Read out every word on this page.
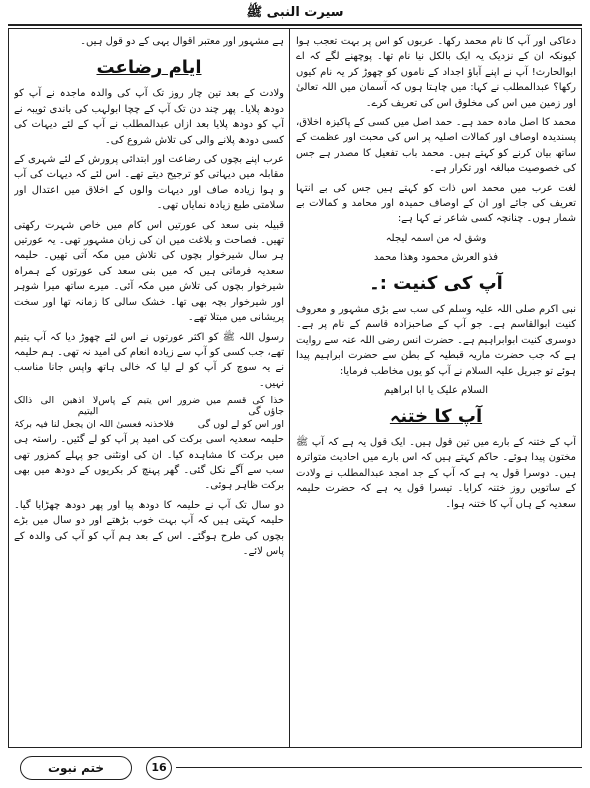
سیرت النبی ﷺ

دعاکی اور آپ کا نام محمد رکھا۔ عربوں کو اس پر بہت تعجب ہوا کیونکہ ان کے نزدیک یہ ایک بالکل نیا نام تھا۔ پوچھنے لگے کہ اے ابوالحارث! آپ نے اپنے آباؤ اجداد کے ناموں کو چھوڑ کر یہ نام کیوں رکھا؟ عبدالمطلب نے کہا: میں چاہتا ہوں کہ آسمان میں اللہ تعالیٰ اور زمین میں اس کی مخلوق اس کی تعریف کرے۔

محمد کا اصل مادہ حمد ہے۔ حمد اصل میں کسی کے پاکیزہ اخلاق، پسندیدہ اوصاف اور کمالات اصلیہ پر اس کی محبت اور عظمت کے ساتھ بیان کرنے کو کہتے ہیں۔ محمد باب تفعیل کا مصدر ہے جس کی خصوصیت مبالغہ اور تکرار ہے۔

لغت عرب میں محمد اس ذات کو کہتے ہیں جس کی بے انتہا تعریف کی جائے اور ان کے اوصاف حمیدہ اور محامد و کمالات بے شمار ہوں۔ چنانچہ کسی شاعر نے کہا ہے:

وشق لہ من اسمہ لیجلہ
فذو العرش محمود وھذا محمد
آپ کی کنیت :۔

نبی اکرم صلی اللہ علیہ وسلم کی سب سے بڑی مشہور و معروف کنیت ابوالقاسم ہے۔ جو آپ کے صاحبزادہ قاسم کے نام پر ہے۔ دوسری کنیت ابوابراہیم ہے۔ حضرت انس رضی اللہ عنہ سے روایت ہے کہ جب حضرت ماریہ قبطیہ کے بطن سے حضرت ابراہیم پیدا ہوئے تو جبریل علیہ السلام نے آپ کو یوں مخاطب فرمایا:

السلام علیک یا ابا ابراھیم
آپ کا ختنہ

آپ کے ختنہ کے بارے میں تین قول ہیں۔ ایک قول یہ ہے کہ آپ ﷺ مختون پیدا ہوئے۔ حاکم کہتے ہیں کہ اس بارے میں احادیث متواترہ ہیں۔ دوسرا قول یہ ہے کہ آپ کے جد امجد عبدالمطلب نے ولادت کے ساتویں روز ختنہ کرایا۔ تیسرا قول یہ ہے کہ حضرت حلیمہ سعدیہ کے ہاں آپ کا ختنہ ہوا۔

ہے مشہور اور معتبر اقوال یہی کے دو قول ہیں۔

ایام رضاعت

ولادت کے بعد تین چار روز تک آپ کی والدہ ماجدہ نے آپ کو دودھ پلایا۔ پھر چند دن تک آپ کے چچا ابولہب کی باندی ثویبہ نے آپ کو دودھ پلایا بعد ازاں عبدالمطلب نے آپ کے لئے دیہات کی کسی دودھ پلانے والی کی تلاش شروع کی۔

عرب اپنے بچوں کی رضاعت اور ابتدائی پرورش کے لئے شہری کے مقابلہ میں دیہاتی کو ترجیح دیتے تھے۔ اس لئے کہ دیہات کی آب و ہوا زیادہ صاف اور دیہات والوں کے اخلاق میں اعتدال اور سلامتی طبع زیادہ نمایاں تھی۔

قبیلہ بنی سعد کی عورتیں اس کام میں خاص شہرت رکھتی تھیں۔ فصاحت و بلاغت میں ان کی زبان مشہور تھی۔ یہ عورتیں ہر سال شیرخوار بچوں کی تلاش میں مکہ آتی تھیں۔ حلیمہ سعدیہ فرماتی ہیں کہ میں بنی سعد کی عورتوں کے ہمراہ شیرخوار بچوں کی تلاش میں مکہ آئی۔ میرے ساتھ میرا شوہر اور شیرخوار بچہ بھی تھا۔ خشک سالی کا زمانہ تھا اور سخت پریشانی میں مبتلا تھے۔

رسول اللہ ﷺ کو اکثر عورتوں نے اس لئے چھوڑ دیا کہ آپ یتیم تھے، جب کسی کو آپ سے زیادہ انعام کی امید نہ تھی۔ ہم حلیمہ نے یہ سوچ کر آپ کو لے لیا کہ خالی ہاتھ واپس جانا مناسب نہیں۔

خذا کی قسم میں ضرور اس یتیم کے پاس جاؤں گی
لا اذھبن الی ذالک الیتیم
اور اس کو لے لوں گی
فلاخذنہ فعسیٰ اللہ ان یجعل لنا فیہ برکۃ

حلیمہ سعدیہ اسی برکت کی امید پر آپ کو لے گئیں۔ راستہ ہی میں برکت کا مشاہدہ کیا۔ ان کی اونٹنی جو پہلے کمزور تھی سب سے آگے نکل گئی۔ گھر پہنچ کر بکریوں کے دودھ میں بھی برکت ظاہر ہوئی۔

دو سال تک آپ نے حلیمہ کا دودھ پیا اور پھر دودھ چھڑایا گیا۔ حلیمہ کہتی ہیں کہ آپ بہت خوب بڑھتے اور دو سال میں بڑے بچوں کی طرح ہوگئے۔ اس کے بعد ہم آپ کو آپ کی والدہ کے پاس لائے۔

ختم نبوت	16
